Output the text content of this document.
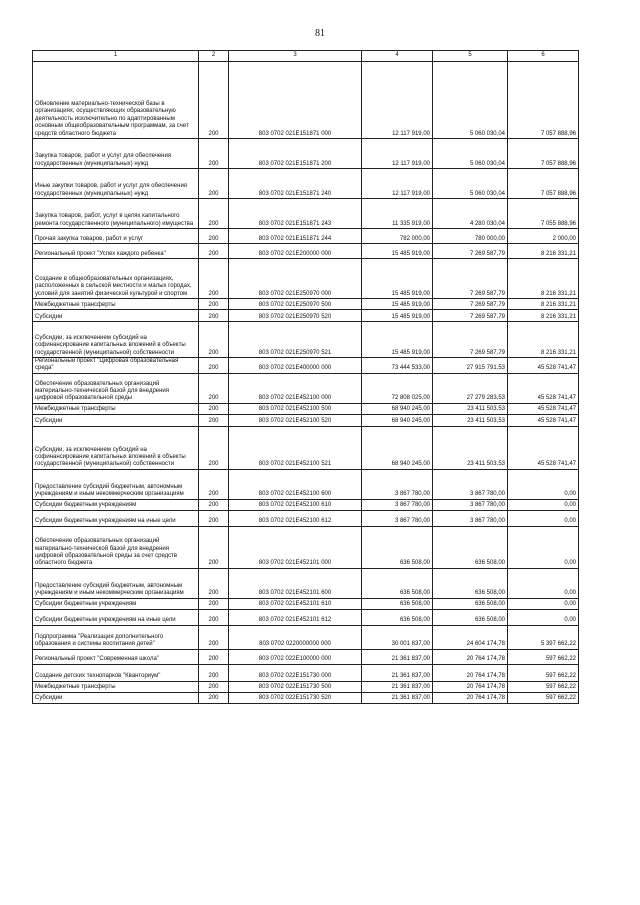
81
1	2	3	4	5	6
Обновление материально-технической базы в организациях, осуществляющих образовательную деятельность исключительно по адаптированным основным общеобразовательным программам, за счет средств областного бюджета	200	803 0702 021E151871 000	12 117 919,00	5 060 030,04	7 057 888,96
Закупка товаров, работ и услуг для обеспечения государственных (муниципальных) нужд	200	803 0702 021E151871 200	12 117 919,00	5 060 030,04	7 057 888,96
Иные закупки товаров, работ и услуг для обеспечения государственных (муниципальных) нужд	200	803 0702 021E151871 240	12 117 919,00	5 060 030,04	7 057 888,96
Закупка товаров, работ, услуг в целях капитального ремонта государственного (муниципального) имущества	200	803 0702 021E151871 243	11 335 919,00	4 280 030,04	7 055 888,96
Прочая закупка товаров, работ и услуг	200	803 0702 021E151871 244	782 000,00	780 000,00	2 000,00
Региональный проект "Успех каждого ребенка"	200	803 0702 021E200000 000	15 485 919,00	7 269 587,79	8 216 331,21
Создание в общеобразовательных организациях, расположенных в сельской местности и малых городах, условий для занятий физической культурой и спортом	200	803 0702 021E250970 000	15 485 919,00	7 269 587,79	8 216 331,21
Межбюджетные трансферты	200	803 0702 021E250970 500	15 485 919,00	7 269 587,79	8 216 331,21
Субсидии	200	803 0702 021E250970 520	15 485 919,00	7 269 587,79	8 216 331,21
Субсидии, за исключением субсидий на софинансирование капитальных вложений в объекты государственной (муниципальной) собственности	200	803 0702 021E250970 521	15 485 919,00	7 269 587,79	8 216 331,21
Региональный проект "Цифровая образовательная среда"	200	803 0702 021E400000 000	73 444 533,00	27 915 791,53	45 528 741,47
Обеспечение образовательных организаций материально-технической базой для внедрения цифровой образовательной среды	200	803 0702 021E452100 000	72 808 025,00	27 279 283,53	45 528 741,47
Межбюджетные трансферты	200	803 0702 021E452100 500	68 940 245,00	23 411 503,53	45 528 741,47
Субсидии	200	803 0702 021E452100 520	68 940 245,00	23 411 503,53	45 528 741,47
Субсидии, за исключением субсидий на софинансирование капитальных вложений в объекты государственной (муниципальной) собственности	200	803 0702 021E452100 521	68 940 245,00	23 411 503,53	45 528 741,47
Предоставление субсидий бюджетным, автономным учреждениям и иным некоммерческим организациям	200	803 0702 021E452100 600	3 867 780,00	3 867 780,00	0,00
Субсидии бюджетным учреждениям	200	803 0702 021E452100 610	3 867 780,00	3 867 780,00	0,00
Субсидии бюджетным учреждениям на иные цели	200	803 0702 021E452100 612	3 867 780,00	3 867 780,00	0,00
Обеспечение образовательных организаций материально-технической базой для внедрения цифровой образовательной среды за счет средств областного бюджета	200	803 0702 021E452101 000	636 508,00	636 508,00	0,00
Предоставление субсидий бюджетным, автономным учреждениям и иным некоммерческим организациям	200	803 0702 021E452101 600	636 508,00	636 508,00	0,00
Субсидии бюджетным учреждениям	200	803 0702 021E452101 610	636 508,00	636 508,00	0,00
Субсидии бюджетным учреждениям на иные цели	200	803 0702 021E452101 612	636 508,00	636 508,00	0,00
Подпрограмма "Реализация дополнительного образования и системы воспитания детей"	200	803 0702 0220000000 000	30 001 837,00	24 604 174,78	5 397 662,22
Региональный проект "Современная школа"	200	803 0702 022E100000 000	21 361 837,00	20 764 174,78	597 662,22
Создание детских технопарков "Кванториум"	200	803 0702 022E151730 000	21 361 837,00	20 764 174,78	597 662,22
Межбюджетные трансферты	200	803 0702 022E151730 500	21 361 837,00	20 764 174,78	597 662,22
Субсидии	200	803 0702 022E151730 520	21 361 837,00	20 764 174,78	597 662,22
